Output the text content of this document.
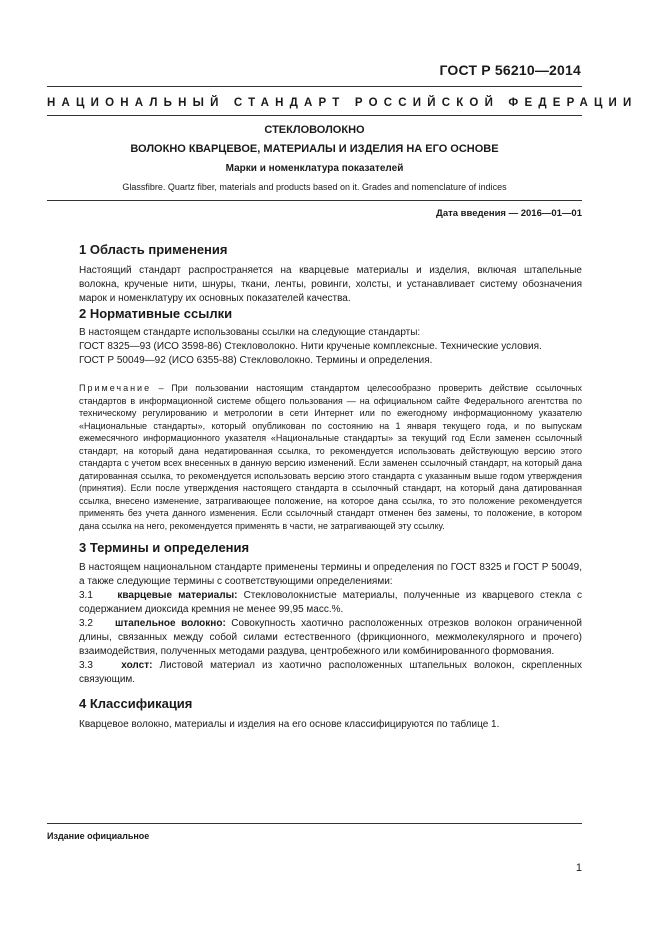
ГОСТ Р 56210—2014
НАЦИОНАЛЬНЫЙ СТАНДАРТ РОССИЙСКОЙ ФЕДЕРАЦИИ
СТЕКЛОВОЛОКНО
ВОЛОКНО КВАРЦЕВОЕ, МАТЕРИАЛЫ И ИЗДЕЛИЯ НА ЕГО ОСНОВЕ
Марки и номенклатура показателей
Glassfibre. Quartz fiber, materials and products based on it. Grades and nomenclature of indices
Дата введения — 2016—01—01
1 Область применения

Настоящий стандарт распространяется на кварцевые материалы и изделия, включая штапельные волокна, крученые нити, шнуры, ткани, ленты, ровинги, холсты, и устанавливает систему обозначения марок и номенклатуру их основных показателей качества.

2 Нормативные ссылки

В настоящем стандарте использованы ссылки на следующие стандарты:

ГОСТ 8325—93 (ИСО 3598-86) Стекловолокно. Нити крученые комплексные. Технические условия.

ГОСТ Р 50049—92 (ИСО 6355-88) Стекловолокно. Термины и определения.

Примечание – При пользовании настоящим стандартом целесообразно проверить действие ссылочных стандартов в информационной системе общего пользования — на официальном сайте Федерального агентства по техническому регулированию и метрологии в сети Интернет или по ежегодному информационному указателю «Национальные стандарты», который опубликован по состоянию на 1 января текущего года, и по выпускам ежемесячного информационного указателя «Национальные стандарты» за текущий год Если заменен ссылочный стандарт, на который дана недатированная ссылка, то рекомендуется использовать действующую версию этого стандарта с учетом всех внесенных в данную версию изменений. Если заменен ссылочный стандарт, на который дана датированная ссылка, то рекомендуется использовать версию этого стандарта с указанным выше годом утверждения (принятия). Если после утверждения настоящего стандарта в ссылочный стандарт, на который дана датированная ссылка, внесено изменение, затрагивающее положение, на которое дана ссылка, то это положение рекомендуется применять без учета данного изменения. Если ссылочный стандарт отменен без замены, то положение, в котором дана ссылка на него, рекомендуется применять в части, не затрагивающей эту ссылку.
3 Термины и определения

В настоящем национальном стандарте применены термины и определения по ГОСТ 8325 и ГОСТ Р 50049, а также следующие термины с соответствующими определениями:

3.1 кварцевые материалы: Стекловолокнистые материалы, полученные из кварцевого стекла с содержанием диоксида кремния не менее 99,95 масс.%.

3.2 штапельное волокно: Совокупность хаотично расположенных отрезков волокон ограниченной длины, связанных между собой силами естественного (фрикционного, межмолекулярного и прочего) взаимодействия, полученных методами раздува, центробежного или комбинированного формования.

3.3	холст: Листовой материал из хаотично расположенных штапельных волокон, скрепленных связующим.

4 Классификация

Кварцевое волокно, материалы и изделия на его основе классифицируются по таблице 1.

Издание официальное
1
